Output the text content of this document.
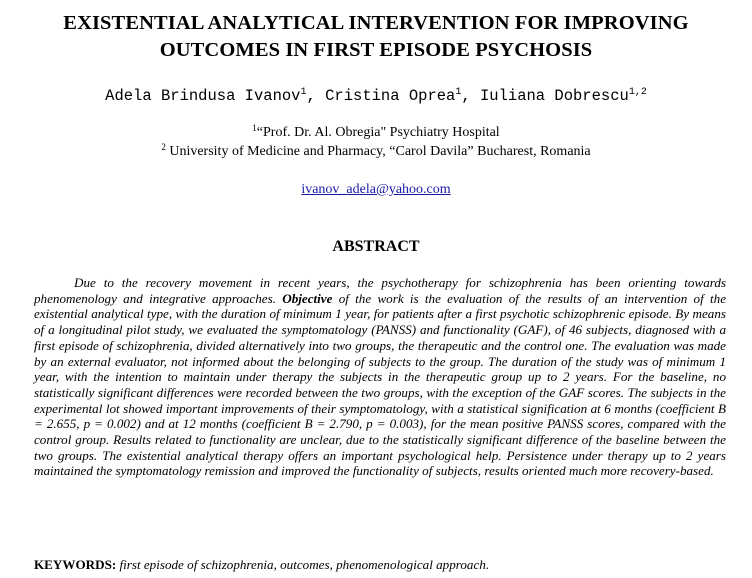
EXISTENTIAL ANALYTICAL INTERVENTION FOR IMPROVING
OUTCOMES IN FIRST EPISODE PSYCHOSIS
Adela Brindusa Ivanov$^1$, Cristina Oprea$^1$, Iuliana Dobrescu$^{1,2}$
$^1$“Prof. Dr. Al. Obregia" Psychiatry Hospital
$^2$ University of Medicine and Pharmacy, “Carol Davila” Bucharest, Romania
ivanov_adela@yahoo.com
ABSTRACT

Due to the recovery movement in recent years, the psychotherapy for schizophrenia has been orienting towards phenomenology and integrative approaches. Objective of the work is the evaluation of the results of an intervention of the existential analytical type, with the duration of minimum 1 year, for patients after a first psychotic schizophrenic episode. By means of a longitudinal pilot study, we evaluated the symptomatology (PANSS) and functionality (GAF), of 46 subjects, diagnosed with a first episode of schizophrenia, divided alternatively into two groups, the therapeutic and the control one. The evaluation was made by an external evaluator, not informed about the belonging of subjects to the group. The duration of the study was of minimum 1 year, with the intention to maintain under therapy the subjects in the therapeutic group up to 2 years. For the baseline, no statistically significant differences were recorded between the two groups, with the exception of the GAF scores. The subjects in the experimental lot showed important improvements of their symptomatology, with a statistical signification at 6 months (coefficient B = 2.655, p = 0.002) and at 12 months (coefficient B = 2.790, p = 0.003), for the mean positive PANSS scores, compared with the control group. Results related to functionality are unclear, due to the statistically significant difference of the baseline between the two groups. The existential analytical therapy offers an important psychological help. Persistence under therapy up to 2 years maintained the symptomatology remission and improved the functionality of subjects, results oriented much more recovery-based.

KEYWORDS: first episode of schizophrenia, outcomes, phenomenological approach.
